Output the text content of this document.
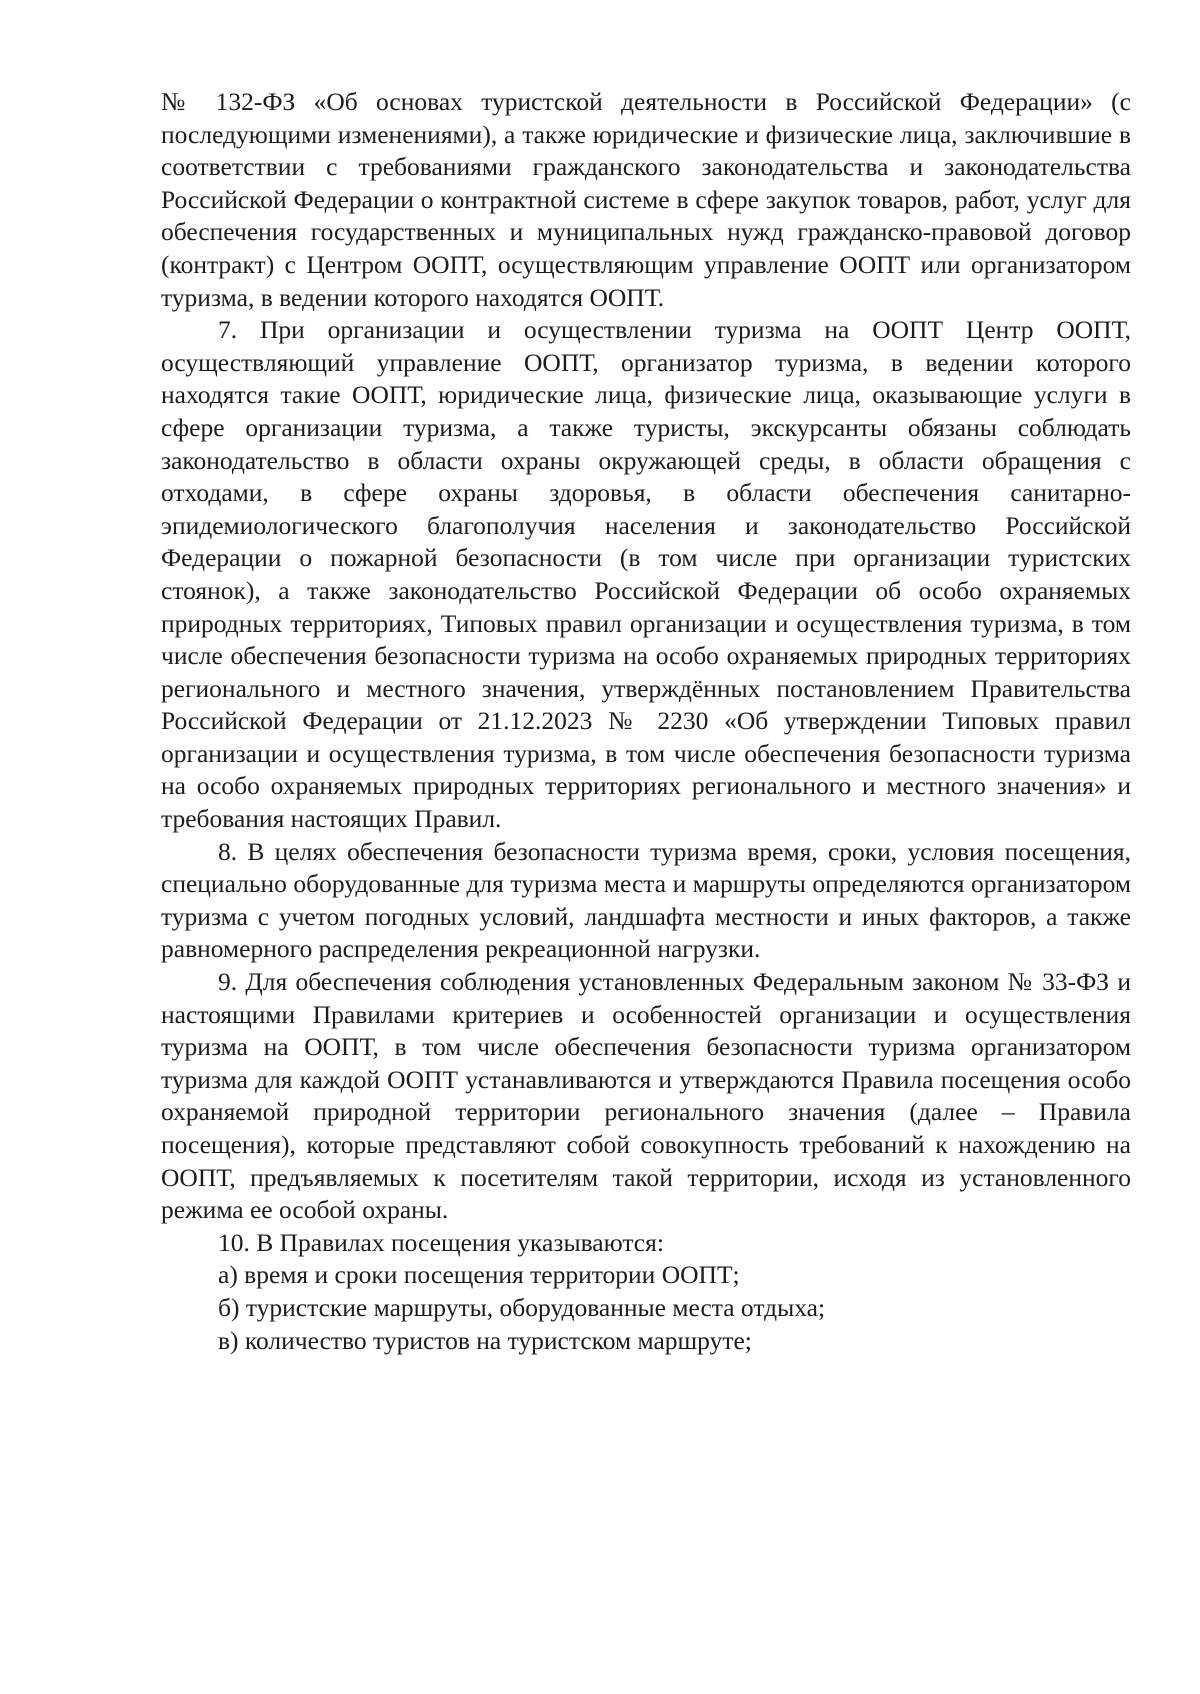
№ 132-ФЗ «Об основах туристской деятельности в Российской Федерации» (с последующими изменениями), а также юридические и физические лица, заключившие в соответствии с требованиями гражданского законодательства и законодательства Российской Федерации о контрактной системе в сфере закупок товаров, работ, услуг для обеспечения государственных и муниципальных нужд гражданско-правовой договор (контракт) с Центром ООПТ, осуществляющим управление ООПТ или организатором туризма, в ведении которого находятся ООПТ.

7. При организации и осуществлении туризма на ООПТ Центр ООПТ, осуществляющий управление ООПТ, организатор туризма, в ведении которого находятся такие ООПТ, юридические лица, физические лица, оказывающие услуги в сфере организации туризма, а также туристы, экскурсанты обязаны соблюдать законодательство в области охраны окружающей среды, в области обращения с отходами, в сфере охраны здоровья, в области обеспечения санитарно-эпидемиологического благополучия населения и законодательство Российской Федерации о пожарной безопасности (в том числе при организации туристских стоянок), а также законодательство Российской Федерации об особо охраняемых природных территориях, Типовых правил организации и осуществления туризма, в том числе обеспечения безопасности туризма на особо охраняемых природных территориях регионального и местного значения, утверждённых постановлением Правительства Российской Федерации от 21.12.2023 № 2230 «Об утверждении Типовых правил организации и осуществления туризма, в том числе обеспечения безопасности туризма на особо охраняемых природных территориях регионального и местного значения» и требования настоящих Правил.

8. В целях обеспечения безопасности туризма время, сроки, условия посещения, специально оборудованные для туризма места и маршруты определяются организатором туризма с учетом погодных условий, ландшафта местности и иных факторов, а также равномерного распределения рекреационной нагрузки.

9. Для обеспечения соблюдения установленных Федеральным законом № 33-ФЗ и настоящими Правилами критериев и особенностей организации и осуществления туризма на ООПТ, в том числе обеспечения безопасности туризма организатором туризма для каждой ООПТ устанавливаются и утверждаются Правила посещения особо охраняемой природной территории регионального значения (далее – Правила посещения), которые представляют собой совокупность требований к нахождению на ООПТ, предъявляемых к посетителям такой территории, исходя из установленного режима ее особой охраны.

10. В Правилах посещения указываются:

а) время и сроки посещения территории ООПТ;

б) туристские маршруты, оборудованные места отдыха;

в) количество туристов на туристском маршруте;
